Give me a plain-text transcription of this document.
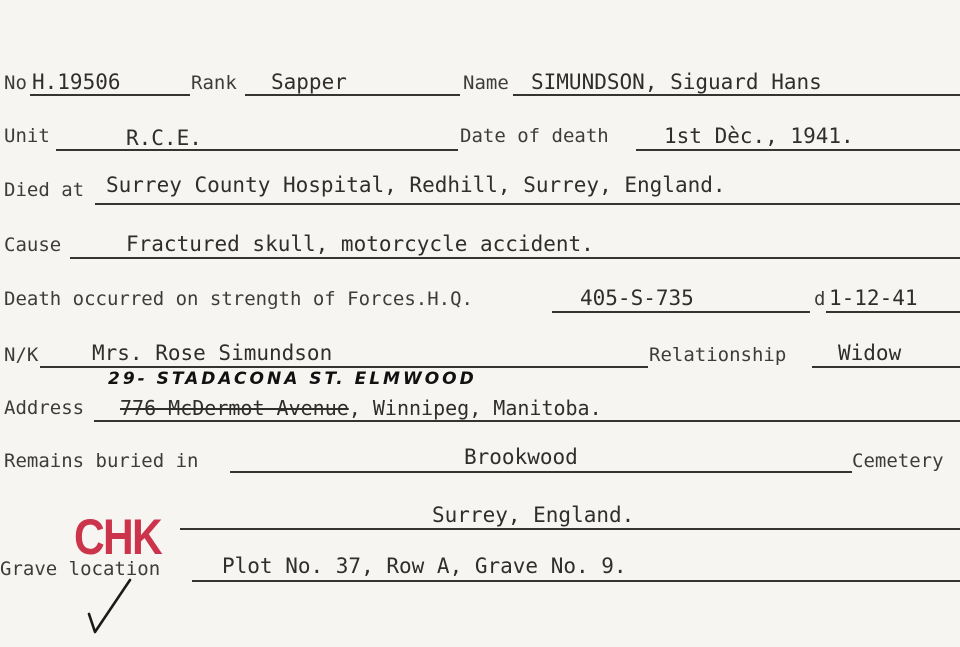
No H.19506	Rank Sapper	Name SIMUNDSON, Siguard Hans
Unit	R.C.E.	Date of death	1st Dèc., 1941.
Died at Surrey County Hospital, Redhill, Surrey, England.
Cause	Fractured skull, motorcycle accident.
Death occurred on strength of Forces.H.Q.	405-S-735	d 1-12-41
N/K	Mrs. Rose Simundson	Relationship Widow
29- STADACONA ST. ELMWOOD
Address 776 McDermot Avenue, Winnipeg, Manitoba.
Remains buried in	Brookwood	Cemetery
Surrey, England.
Grave location	Plot No. 37, Row A, Grave No. 9.
CHK
